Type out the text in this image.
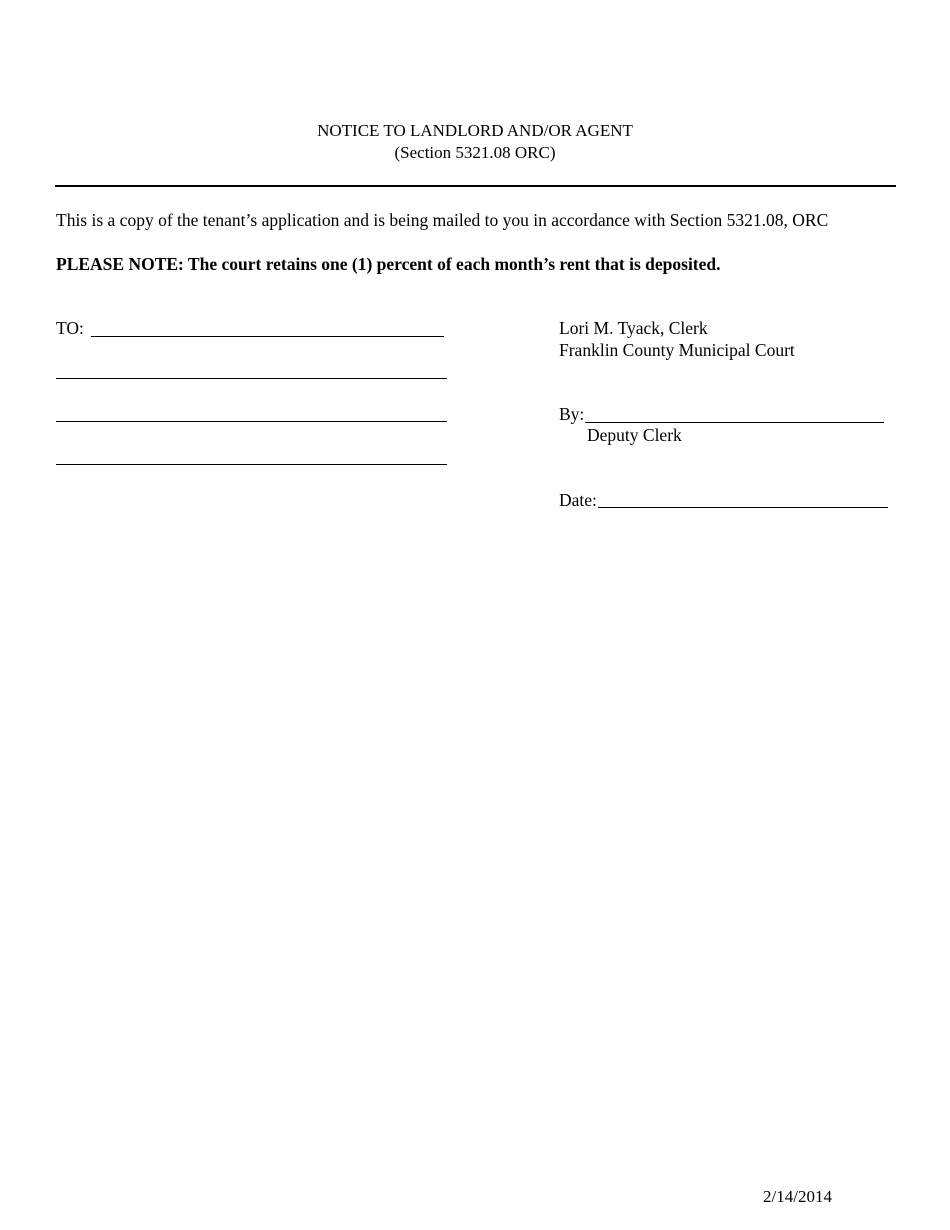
NOTICE TO LANDLORD AND/OR AGENT
(Section 5321.08 ORC)
This is a copy of the tenant’s application and is being mailed to you in accordance with Section 5321.08, ORC
PLEASE NOTE: The court retains one (1) percent of each month’s rent that is deposited.
TO:	Lori M. Tyack, Clerk
Franklin County Municipal Court
By:
Deputy Clerk
Date:
2/14/2014
